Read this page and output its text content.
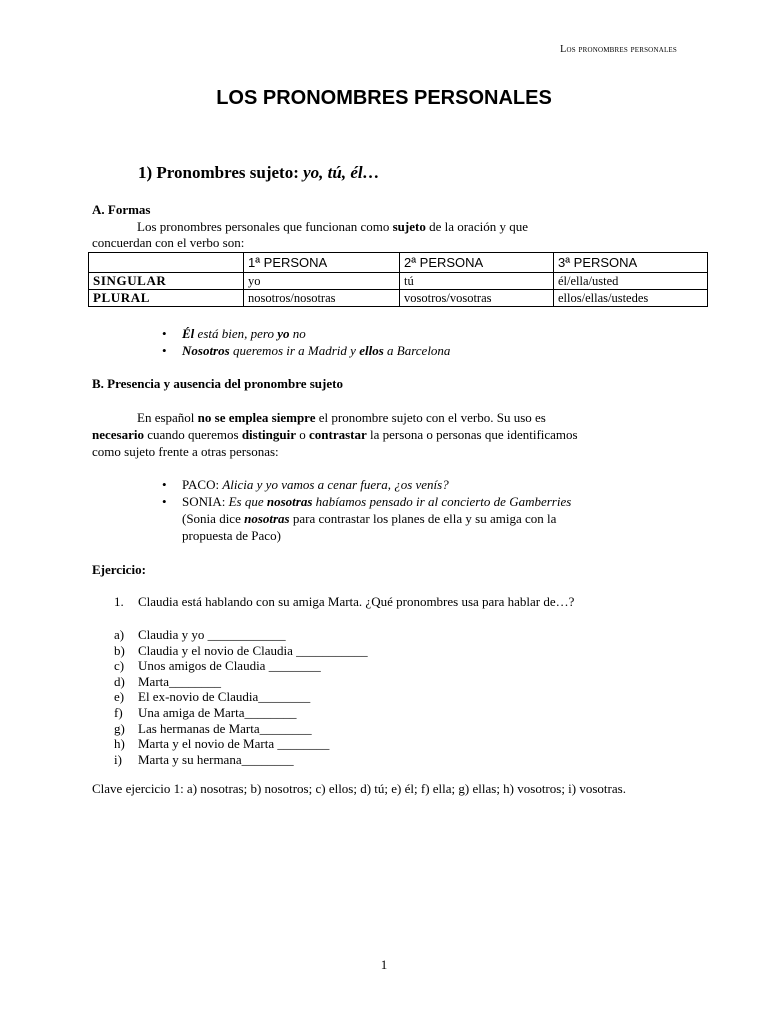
Los pronombres personales
LOS PRONOMBRES PERSONALES
1) Pronombres sujeto: yo, tú, él…
A. Formas
Los pronombres personales que funcionan como sujeto de la oración y que
concuerdan con el verbo son:
	1ª PERSONA	2ª PERSONA	3ª PERSONA
SINGULAR	yo	tú	él/ella/usted
PLURAL	nosotros/nosotras	vosotros/vosotras	ellos/ellas/ustedes
• Él está bien, pero yo no
• Nosotros queremos ir a Madrid y ellos a Barcelona
B. Presencia y ausencia del pronombre sujeto
En español no se emplea siempre el pronombre sujeto con el verbo. Su uso es
necesario cuando queremos distinguir o contrastar la persona o personas que identificamos
como sujeto frente a otras personas:
• PACO: Alicia y yo vamos a cenar fuera, ¿os venís?
• SONIA: Es que nosotras habíamos pensado ir al concierto de Gamberries
(Sonia dice nosotras para contrastar los planes de ella y su amiga con la
propuesta de Paco)
Ejercicio:
1. Claudia está hablando con su amiga Marta. ¿Qué pronombres usa para hablar de…?
a)	Claudia y yo ____________
b)	Claudia y el novio de Claudia ___________
c)	Unos amigos de Claudia ________
d)	Marta________
e)	El ex-novio de Claudia________
f)	Una amiga de Marta________
g)	Las hermanas de Marta________
h)	Marta y el novio de Marta ________
i)	Marta y su hermana________
Clave ejercicio 1: a) nosotras; b) nosotros; c) ellos; d) tú; e) él; f) ella; g) ellas; h) vosotros; i) vosotras.
1
